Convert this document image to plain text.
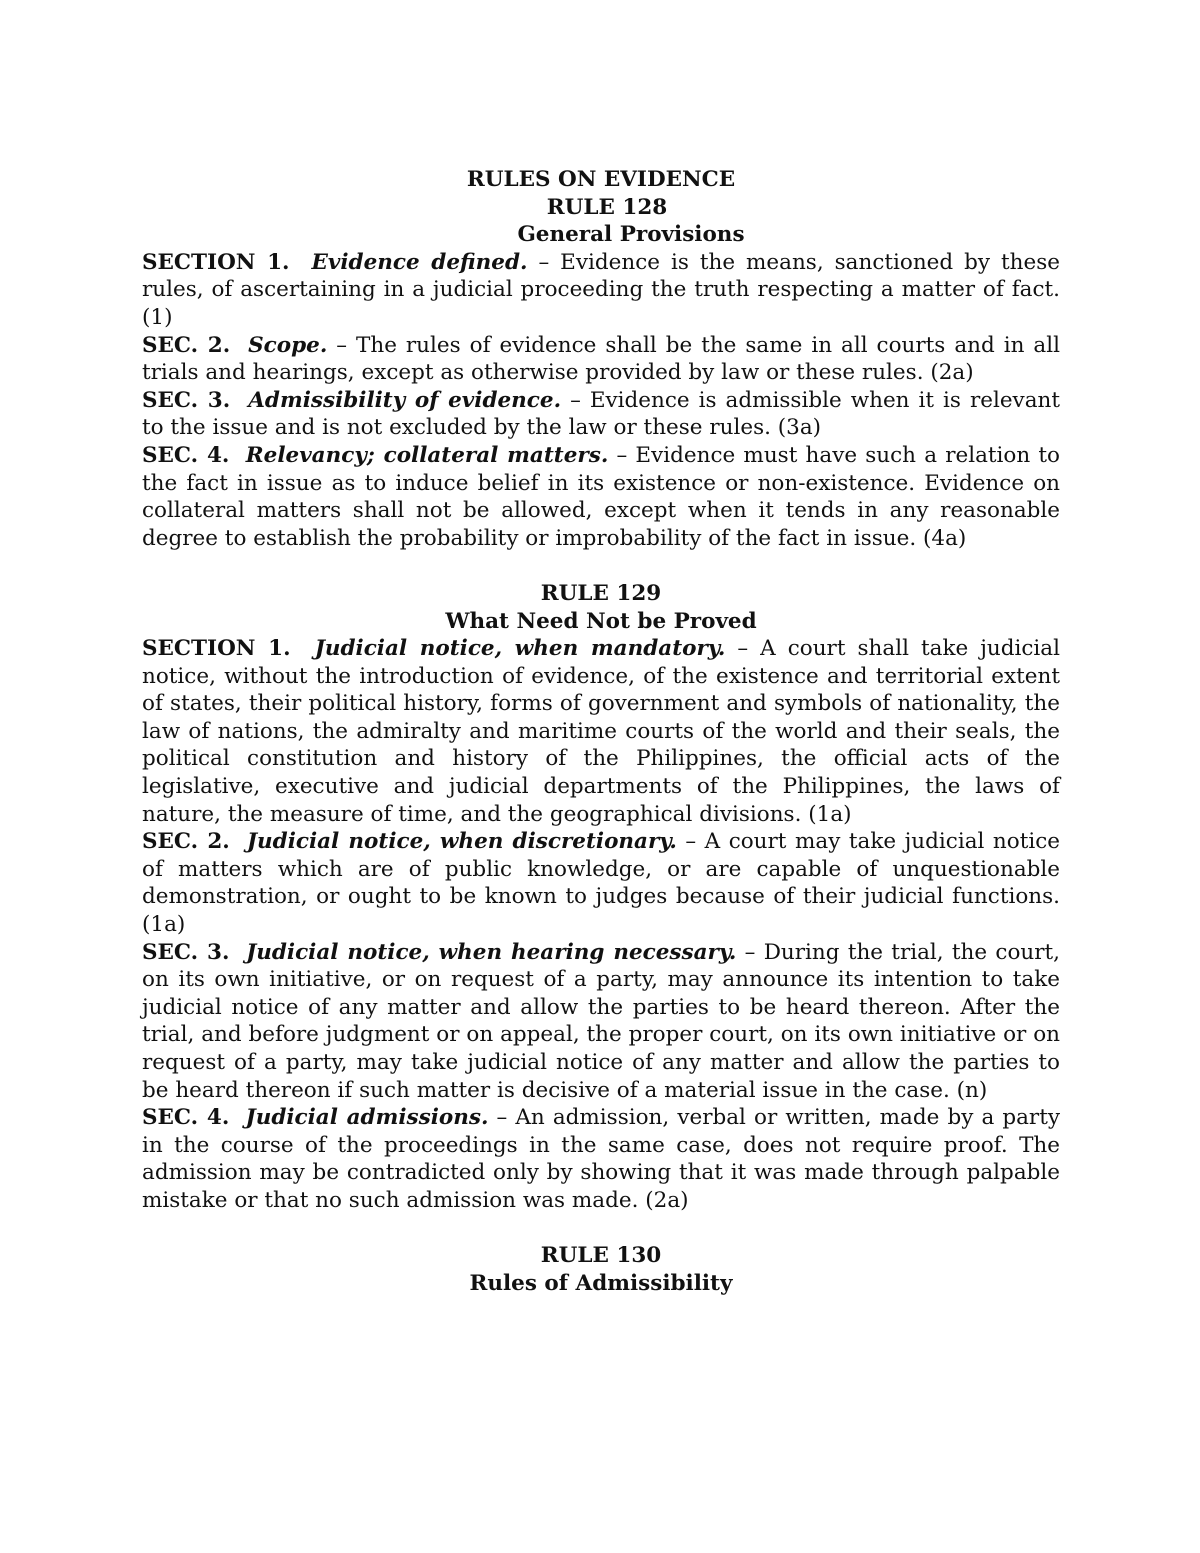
RULES ON EVIDENCE
RULE 128
General Provisions

SECTION 1. Evidence defined. – Evidence is the means, sanctioned by these rules, of ascertaining in a judicial proceeding the truth respecting a matter of fact. (1)

SEC. 2. Scope. – The rules of evidence shall be the same in all courts and in all trials and hearings, except as otherwise provided by law or these rules. (2a)

SEC. 3. Admissibility of evidence. – Evidence is admissible when it is relevant to the issue and is not excluded by the law or these rules. (3a)

SEC. 4. Relevancy; collateral matters. – Evidence must have such a relation to the fact in issue as to induce belief in its existence or non-existence. Evidence on collateral matters shall not be allowed, except when it tends in any reasonable degree to establish the probability or improbability of the fact in issue. (4a)

RULE 129
What Need Not be Proved

SECTION 1. Judicial notice, when mandatory. – A court shall take judicial notice, without the introduction of evidence, of the existence and territorial extent of states, their political history, forms of government and symbols of nationality, the law of nations, the admiralty and maritime courts of the world and their seals, the political constitution and history of the Philippines, the official acts of the legislative, executive and judicial departments of the Philippines, the laws of nature, the measure of time, and the geographical divisions. (1a)

SEC. 2. Judicial notice, when discretionary. – A court may take judicial notice of matters which are of public knowledge, or are capable of unquestionable demonstration, or ought to be known to judges because of their judicial functions. (1a)

SEC. 3. Judicial notice, when hearing necessary. – During the trial, the court, on its own initiative, or on request of a party, may announce its intention to take judicial notice of any matter and allow the parties to be heard thereon. After the trial, and before judgment or on appeal, the proper court, on its own initiative or on request of a party, may take judicial notice of any matter and allow the parties to be heard thereon if such matter is decisive of a material issue in the case. (n)

SEC. 4. Judicial admissions. – An admission, verbal or written, made by a party in the course of the proceedings in the same case, does not require proof. The admission may be contradicted only by showing that it was made through palpable mistake or that no such admission was made. (2a)

RULE 130
Rules of Admissibility
